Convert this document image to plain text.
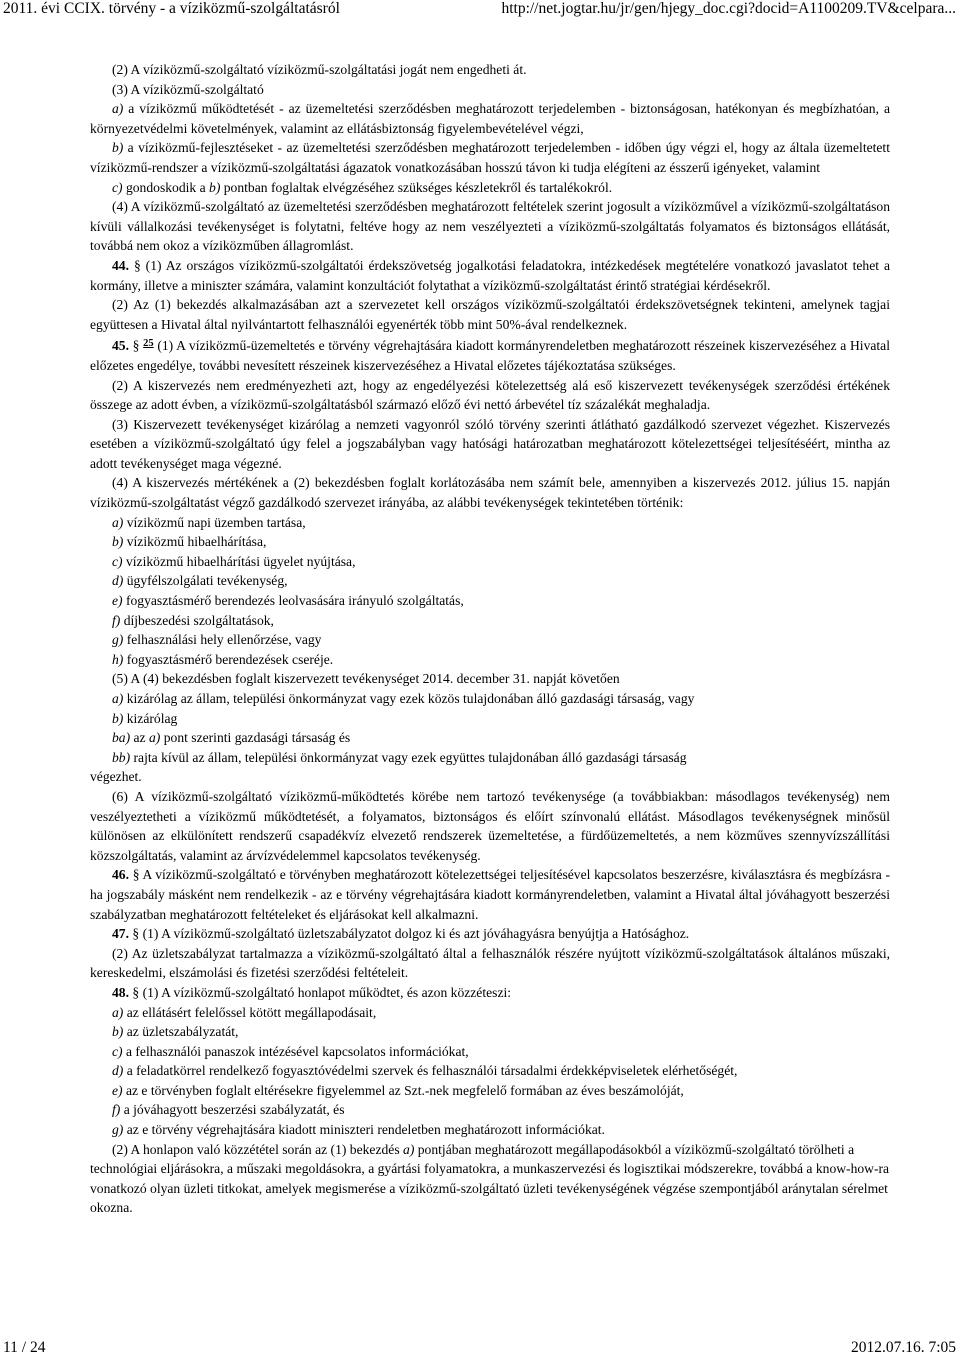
2011. évi CCIX. törvény - a víziközmű-szolgáltatásról	http://net.jogtar.hu/jr/gen/hjegy_doc.cgi?docid=A1100209.TV&celpara...

(2) A víziközmű-szolgáltató víziközmű-szolgáltatási jogát nem engedheti át.

(3) A víziközmű-szolgáltató

a) a víziközmű működtetését - az üzemeltetési szerződésben meghatározott terjedelemben - biztonságosan, hatékonyan és megbízhatóan, a környezetvédelmi követelmények, valamint az ellátásbiztonság figyelembevételével végzi,

b) a víziközmű-fejlesztéseket - az üzemeltetési szerződésben meghatározott terjedelemben - időben úgy végzi el, hogy az általa üzemeltetett víziközmű-rendszer a víziközmű-szolgáltatási ágazatok vonatkozásában hosszú távon ki tudja elégíteni az ésszerű igényeket, valamint

c) gondoskodik a b) pontban foglaltak elvégzéséhez szükséges készletekről és tartalékokról.

(4) A víziközmű-szolgáltató az üzemeltetési szerződésben meghatározott feltételek szerint jogosult a víziközművel a víziközmű-szolgáltatáson kívüli vállalkozási tevékenységet is folytatni, feltéve hogy az nem veszélyezteti a víziközmű-szolgáltatás folyamatos és biztonságos ellátását, továbbá nem okoz a víziközműben állagromlást.

44. § (1) Az országos víziközmű-szolgáltatói érdekszövetség jogalkotási feladatokra, intézkedések megtételére vonatkozó javaslatot tehet a kormány, illetve a miniszter számára, valamint konzultációt folytathat a víziközmű-szolgáltatást érintő stratégiai kérdésekről.

(2) Az (1) bekezdés alkalmazásában azt a szervezetet kell országos víziközmű-szolgáltatói érdekszövetségnek tekinteni, amelynek tagjai együttesen a Hivatal által nyilvántartott felhasználói egyenérték több mint 50%-ával rendelkeznek.

45. § $^{25}$ (1) A víziközmű-üzemeltetés e törvény végrehajtására kiadott kormányrendeletben meghatározott részeinek kiszervezéséhez a Hivatal előzetes engedélye, további nevesített részeinek kiszervezéséhez a Hivatal előzetes tájékoztatása szükséges.

(2) A kiszervezés nem eredményezheti azt, hogy az engedélyezési kötelezettség alá eső kiszervezett tevékenységek szerződési értékének összege az adott évben, a víziközmű-szolgáltatásból származó előző évi nettó árbevétel tíz százalékát meghaladja.

(3) Kiszervezett tevékenységet kizárólag a nemzeti vagyonról szóló törvény szerinti átlátható gazdálkodó szervezet végezhet. Kiszervezés esetében a víziközmű-szolgáltató úgy felel a jogszabályban vagy hatósági határozatban meghatározott kötelezettségei teljesítéséért, mintha az adott tevékenységet maga végezné.

(4) A kiszervezés mértékének a (2) bekezdésben foglalt korlátozásába nem számít bele, amennyiben a kiszervezés 2012. július 15. napján víziközmű-szolgáltatást végző gazdálkodó szervezet irányába, az alábbi tevékenységek tekintetében történik:

a) víziközmű napi üzemben tartása,

b) víziközmű hibaelhárítása,

c) víziközmű hibaelhárítási ügyelet nyújtása,

d) ügyfélszolgálati tevékenység,

e) fogyasztásmérő berendezés leolvasására irányuló szolgáltatás,

f) díjbeszedési szolgáltatások,

g) felhasználási hely ellenőrzése, vagy

h) fogyasztásmérő berendezések cseréje.

(5) A (4) bekezdésben foglalt kiszervezett tevékenységet 2014. december 31. napját követően

a) kizárólag az állam, települési önkormányzat vagy ezek közös tulajdonában álló gazdasági társaság, vagy

b) kizárólag

ba) az a) pont szerinti gazdasági társaság és

bb) rajta kívül az állam, települési önkormányzat vagy ezek együttes tulajdonában álló gazdasági társaság

végezhet.

(6) A víziközmű-szolgáltató víziközmű-működtetés körébe nem tartozó tevékenysége (a továbbiakban: másodlagos tevékenység) nem veszélyeztetheti a víziközmű működtetését, a folyamatos, biztonságos és előírt színvonalú ellátást. Másodlagos tevékenységnek minősül különösen az elkülönített rendszerű csapadékvíz elvezető rendszerek üzemeltetése, a fürdőüzemeltetés, a nem közműves szennyvízszállítási közszolgáltatás, valamint az árvízvédelemmel kapcsolatos tevékenység.

46. § A víziközmű-szolgáltató e törvényben meghatározott kötelezettségei teljesítésével kapcsolatos beszerzésre, kiválasztásra és megbízásra - ha jogszabály másként nem rendelkezik - az e törvény végrehajtására kiadott kormányrendeletben, valamint a Hivatal által jóváhagyott beszerzési szabályzatban meghatározott feltételeket és eljárásokat kell alkalmazni.

47. § (1) A víziközmű-szolgáltató üzletszabályzatot dolgoz ki és azt jóváhagyásra benyújtja a Hatósághoz.

(2) Az üzletszabályzat tartalmazza a víziközmű-szolgáltató által a felhasználók részére nyújtott víziközmű-szolgáltatások általános műszaki, kereskedelmi, elszámolási és fizetési szerződési feltételeit.

48. § (1) A víziközmű-szolgáltató honlapot működtet, és azon közzéteszi:

a) az ellátásért felelőssel kötött megállapodásait,

b) az üzletszabályzatát,

c) a felhasználói panaszok intézésével kapcsolatos információkat,

d) a feladatkörrel rendelkező fogyasztóvédelmi szervek és felhasználói társadalmi érdekképviseletek elérhetőségét,

e) az e törvényben foglalt eltérésekre figyelemmel az Szt.-nek megfelelő formában az éves beszámolóját,

f) a jóváhagyott beszerzési szabályzatát, és

g) az e törvény végrehajtására kiadott miniszteri rendeletben meghatározott információkat.

(2) A honlapon való közzététel során az (1) bekezdés a) pontjában meghatározott megállapodásokból a víziközmű-szolgáltató törölheti a technológiai eljárásokra, a műszaki megoldásokra, a gyártási folyamatokra, a munkaszervezési és logisztikai módszerekre, továbbá a know-how-ra vonatkozó olyan üzleti titkokat, amelyek megismerése a víziközmű-szolgáltató üzleti tevékenységének végzése szempontjából aránytalan sérelmet okozna.

11 / 24	2012.07.16. 7:05
